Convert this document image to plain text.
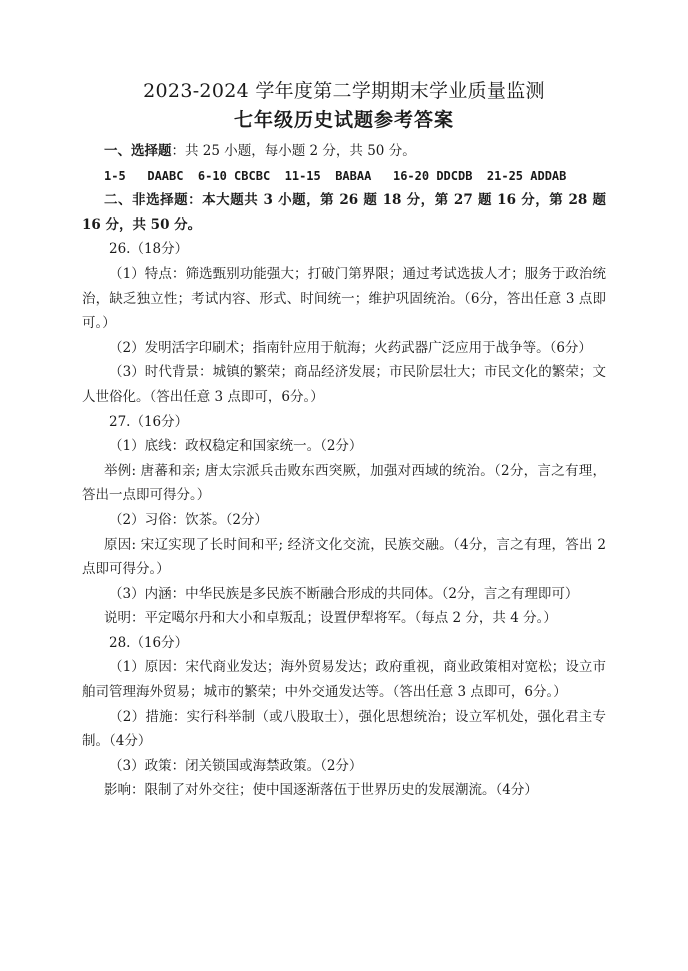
2023-2024 学年度第二学期期末学业质量监测
七年级历史试题参考答案

一、选择题：共 25 小题，每小题 2 分，共 50 分。

1-5   DAABC  6-10 CBCBC  11-15  BABAA   16-20 DDCDB  21-25 ADDAB

二、非选择题：本大题共 3 小题，第 26 题 18 分，第 27 题 16 分，第 28 题 16 分，共 50 分。

26.（18分）

（1）特点：筛选甄别功能强大；打破门第界限；通过考试选拔人才；服务于政治统治，缺乏独立性；考试内容、形式、时间统一；维护巩固统治。（6分，答出任意 3 点即可。）

（2）发明活字印刷术；指南针应用于航海；火药武器广泛应用于战争等。（6分）

（3）时代背景：城镇的繁荣；商品经济发展；市民阶层壮大；市民文化的繁荣；文人世俗化。（答出任意 3 点即可，6分。）

27.（16分）

（1）底线：政权稳定和国家统一。（2分）

举例: 唐蕃和亲; 唐太宗派兵击败东西突厥，加强对西域的统治。（2分，言之有理，答出一点即可得分。）

（2）习俗：饮茶。（2分）

原因: 宋辽实现了长时间和平; 经济文化交流，民族交融。（4分，言之有理，答出 2点即可得分。）

（3）内涵：中华民族是多民族不断融合形成的共同体。（2分，言之有理即可）

说明：平定噶尔丹和大小和卓叛乱；设置伊犁将军。（每点 2 分，共 4 分。）

28.（16分）

（1）原因：宋代商业发达；海外贸易发达；政府重视，商业政策相对宽松；设立市舶司管理海外贸易；城市的繁荣；中外交通发达等。（答出任意 3 点即可，6分。）

（2）措施：实行科举制（或八股取士），强化思想统治；设立军机处，强化君主专制。（4分）

（3）政策：闭关锁国或海禁政策。（2分）

影响：限制了对外交往；使中国逐渐落伍于世界历史的发展潮流。（4分）
